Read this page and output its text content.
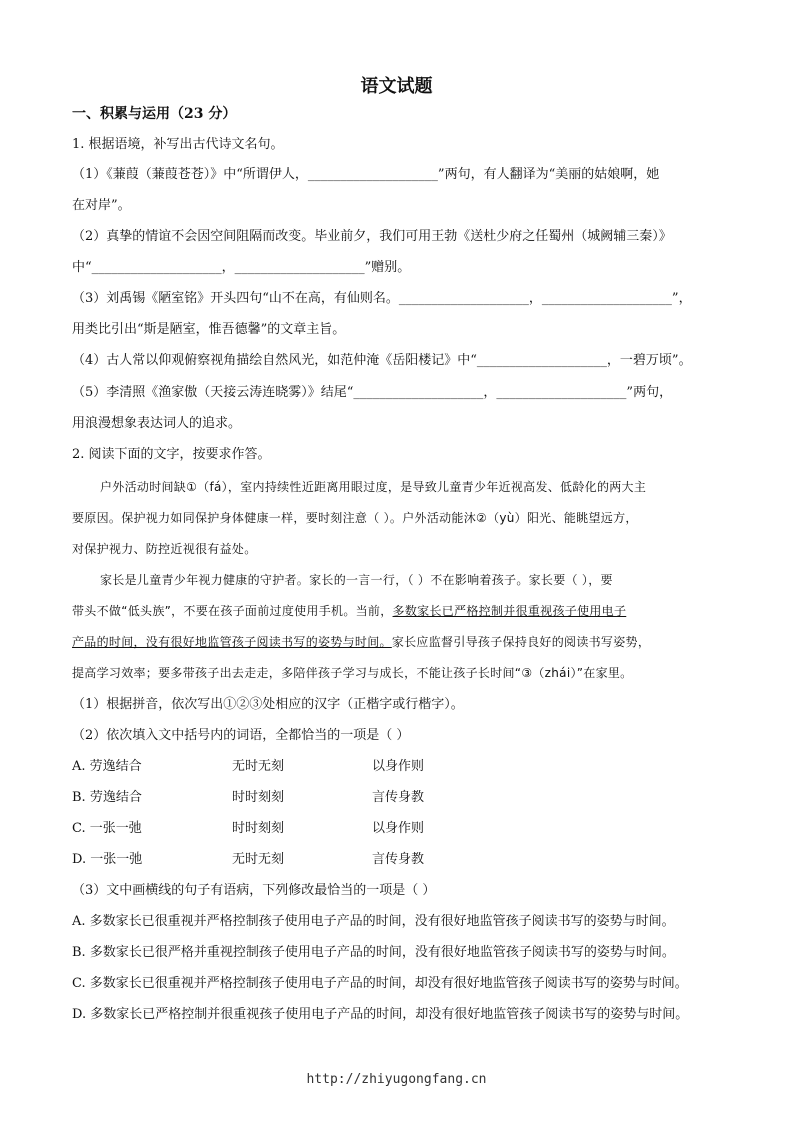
语文试题
一、积累与运用（23 分）
1. 根据语境，补写出古代诗文名句。
（1）《蒹葭（蒹葭苍苍）》中“所谓伊人，____________________”两句，有人翻译为“美丽的姑娘啊，她
在对岸”。
（2）真挚的情谊不会因空间阻隔而改变。毕业前夕，我们可用王勃《送杜少府之任蜀州（城阙辅三秦）》
中“____________________，____________________”赠别。
（3）刘禹锡《陋室铭》开头四句“山不在高，有仙则名。____________________，____________________”，
用类比引出“斯是陋室，惟吾德馨”的文章主旨。
（4）古人常以仰观俯察视角描绘自然风光，如范仲淹《岳阳楼记》中“____________________，一碧万顷”。
（5）李清照《渔家傲（天接云涛连晓雾）》结尾“____________________，____________________”两句，
用浪漫想象表达词人的追求。
2. 阅读下面的文字，按要求作答。
户外活动时间缺①（fá），室内持续性近距离用眼过度，是导致儿童青少年近视高发、低龄化的两大主
要原因。保护视力如同保护身体健康一样，要时刻注意（ ）。户外活动能沐②（yù）阳光、能眺望远方，
对保护视力、防控近视很有益处。
家长是儿童青少年视力健康的守护者。家长的一言一行，（ ）不在影响着孩子。家长要（ ），要
带头不做“低头族”，不要在孩子面前过度使用手机。当前，多数家长已严格控制并很重视孩子使用电子
产品的时间，没有很好地监管孩子阅读书写的姿势与时间。家长应监督引导孩子保持良好的阅读书写姿势，
提高学习效率；要多带孩子出去走走，多陪伴孩子学习与成长，不能让孩子长时间“③（zhái）”在家里。
（1）根据拼音，依次写出①②③处相应的汉字（正楷字或行楷字）。
（2）依次填入文中括号内的词语，全都恰当的一项是（ ）
A. 劳逸结合	无时无刻	以身作则
B. 劳逸结合	时时刻刻	言传身教
C. 一张一弛	时时刻刻	以身作则
D. 一张一弛	无时无刻	言传身教
（3）文中画横线的句子有语病，下列修改最恰当的一项是（ ）
A. 多数家长已很重视并严格控制孩子使用电子产品的时间，没有很好地监管孩子阅读书写的姿势与时间。
B. 多数家长已很严格并重视控制孩子使用电子产品的时间，没有很好地监管孩子阅读书写的姿势与时间。
C. 多数家长已很重视并严格控制孩子使用电子产品的时间，却没有很好地监管孩子阅读书写的姿势与时间。
D. 多数家长已严格控制并很重视孩子使用电子产品的时间，却没有很好地监管孩子阅读书写的姿势与时间。
http://zhiyugongfang.cn
